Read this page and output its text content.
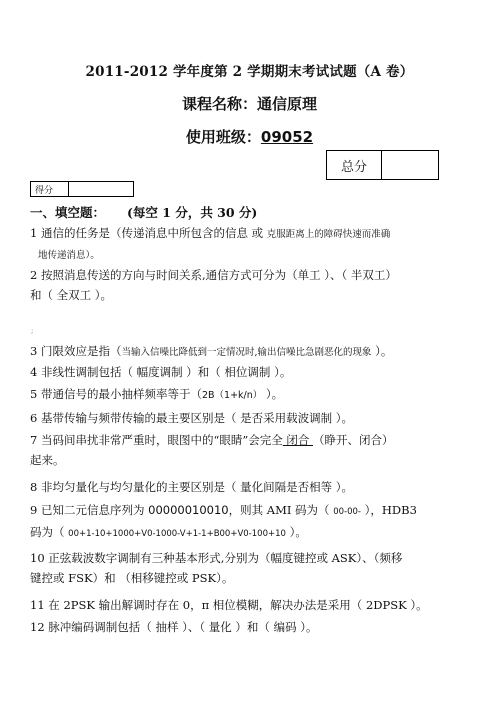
2011-2012 学年度第 2 学期期末考试试题（A 卷）
课程名称：通信原理
使用班级：09052
总分
得分
一、填空题： (每空 1 分，共 30 分)
1 通信的任务是（传递消息中所包含的信息 或 克服距离上的障碍快速而准确
地传递消息）。
2 按照消息传送的方向与时间关系,通信方式可分为（单工 ）、（ 半双工）
和（ 全双工 ）。
;
3 门限效应是指（当输入信噪比降低到一定情况时,输出信噪比急剧恶化的现象 ）。
4 非线性调制包括（ 幅度调制 ）和（ 相位调制 ）。
5 带通信号的最小抽样频率等于（2B（1+k/n） ）。
6 基带传输与频带传输的最主要区别是（ 是否采用载波调制 ）。
7 当码间串扰非常严重时，眼图中的“眼睛”会完全 闭合 （睁开、闭合）
起来。
8 非均匀量化与均匀量化的主要区别是（ 量化间隔是否相等 ）。
9 已知二元信息序列为 00000010010，则其 AMI 码为（ 00-00- ），HDB3
码为（ 00+1-10+1000+V0-1000-V+1-1+B00+V0-100+10 ）。
10 正弦载波数字调制有三种基本形式,分别为（幅度键控或 ASK）、（频移
键控或 FSK）和 （相移键控或 PSK）。
11 在 2PSK 输出解调时存在 0，π 相位模糊，解决办法是采用（ 2DPSK ）。
12 脉冲编码调制包括（ 抽样 ）、（ 量化 ）和（ 编码 ）。
